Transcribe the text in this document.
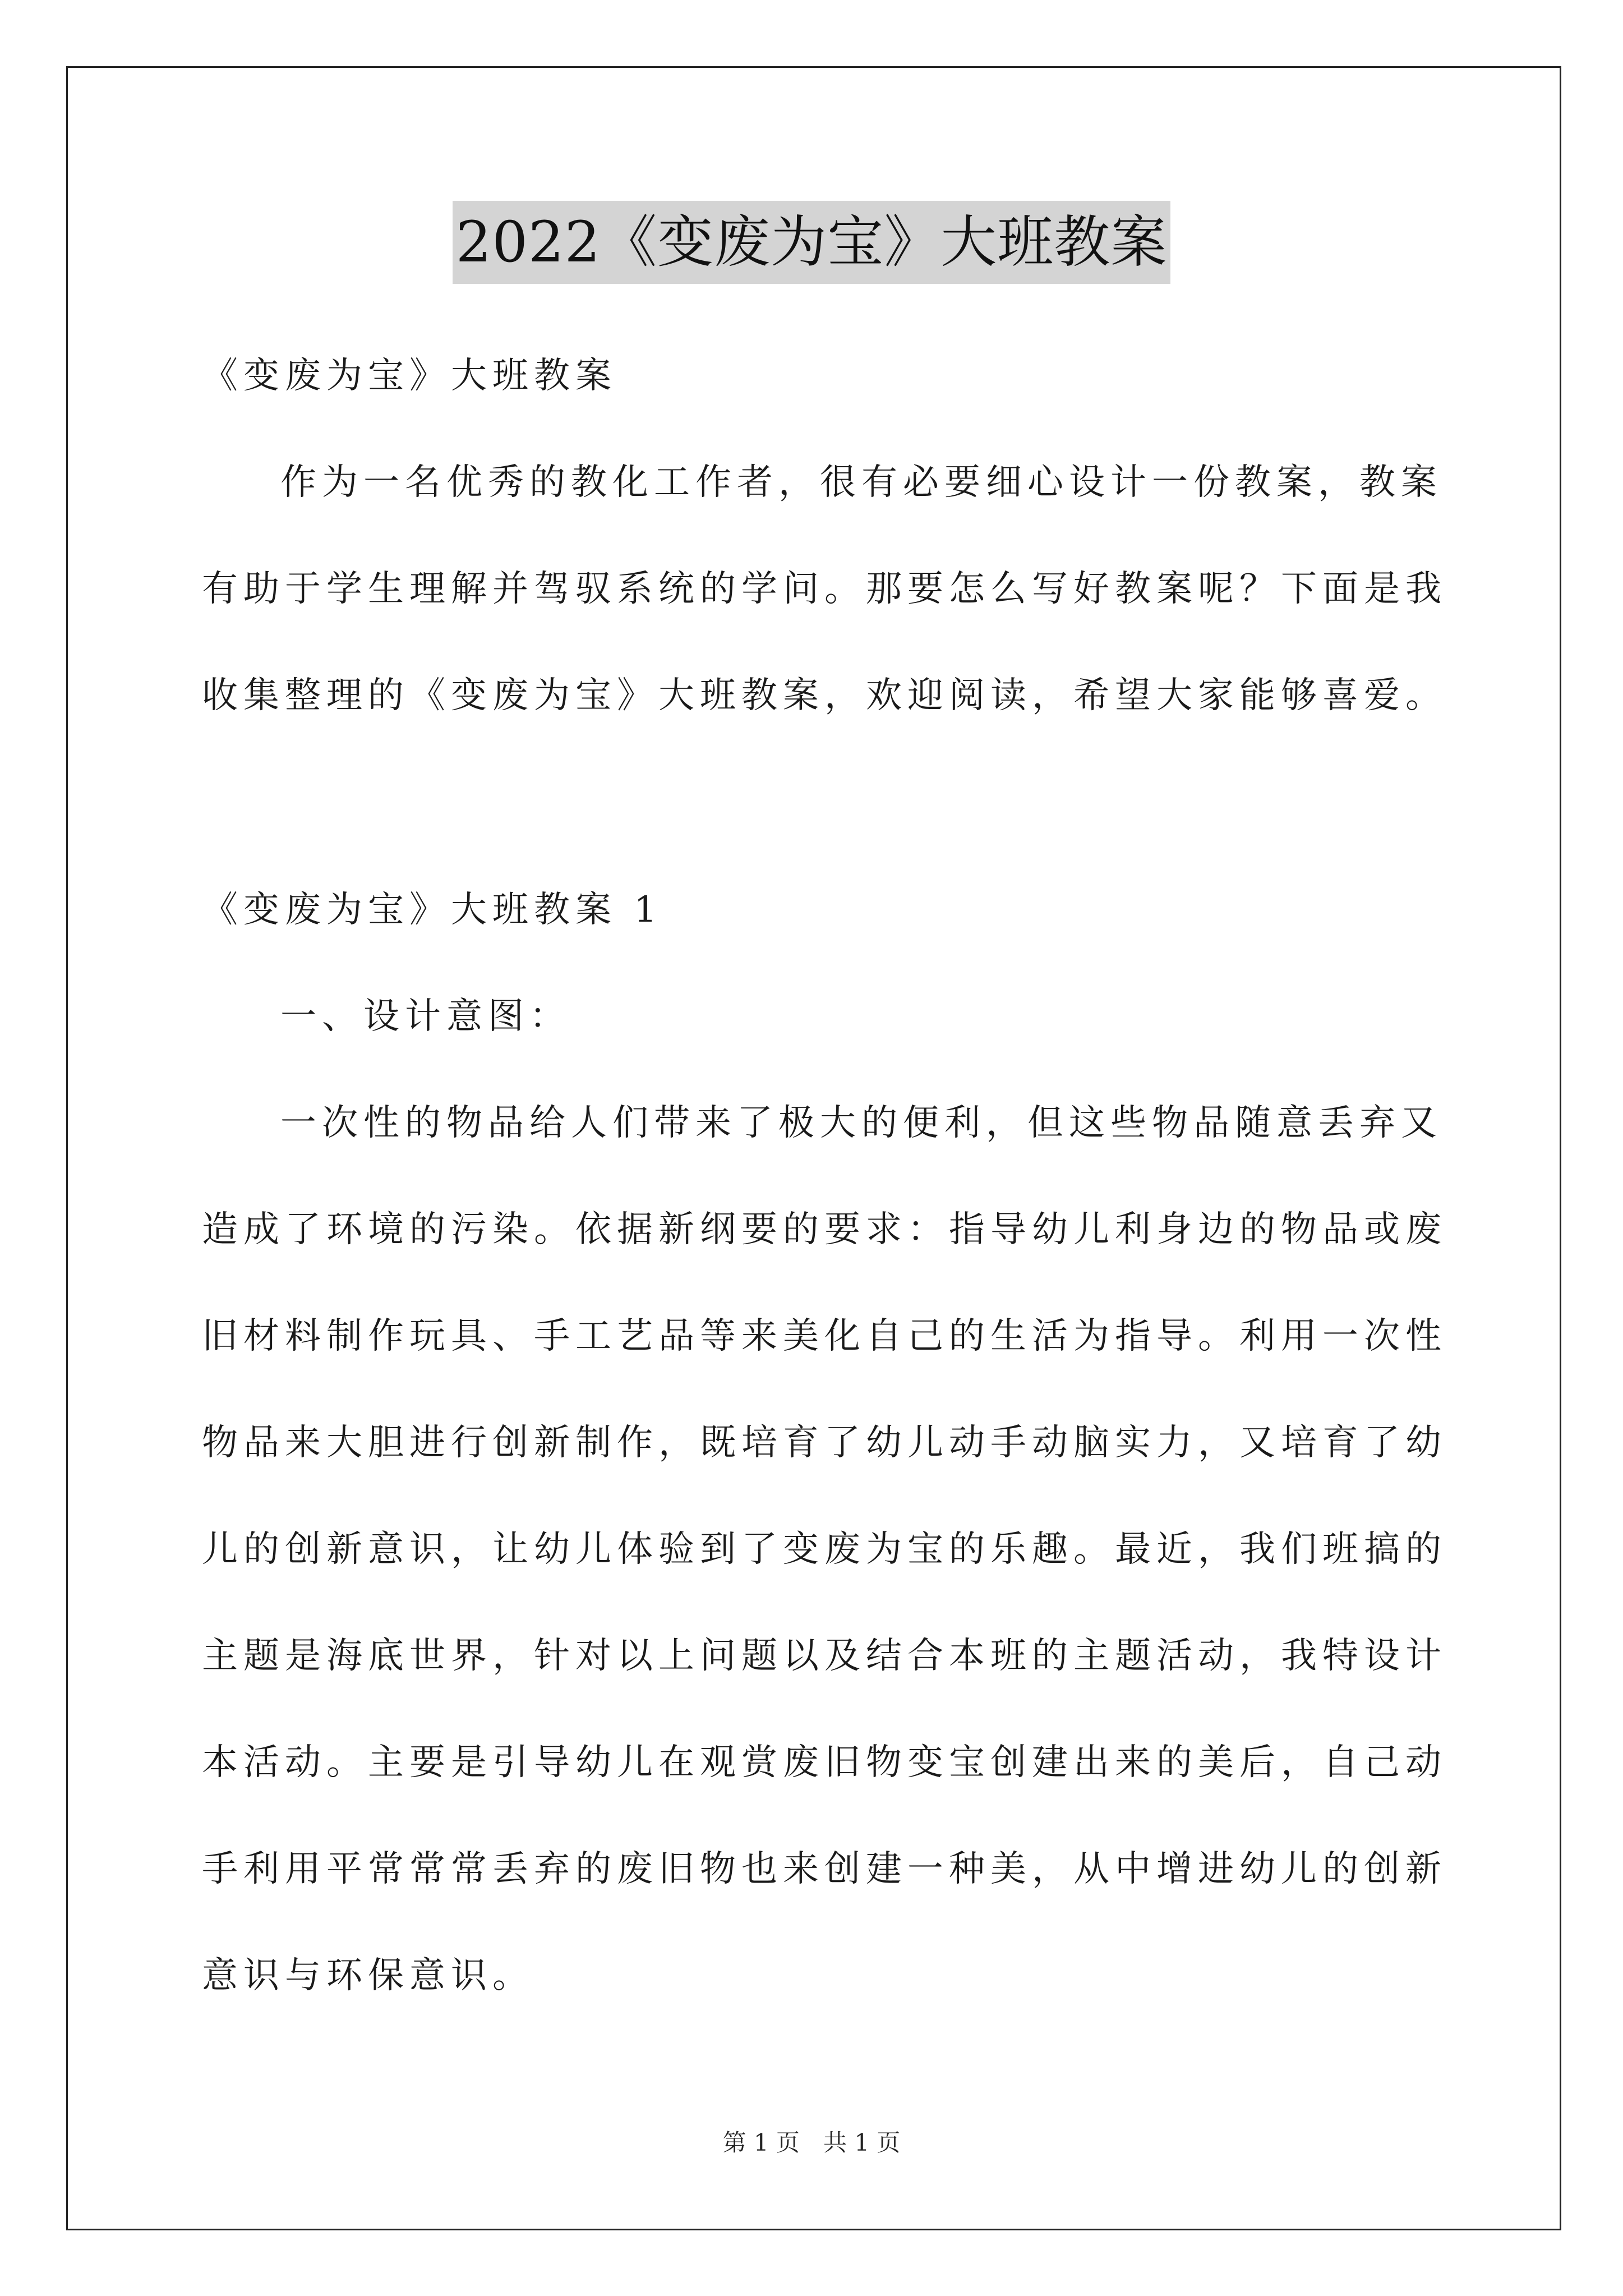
2022《变废为宝》大班教案
《变废为宝》大班教案
作为一名优秀的教化工作者，很有必要细心设计一份教案，教案
有助于学生理解并驾驭系统的学问。那要怎么写好教案呢？下面是我
收集整理的《变废为宝》大班教案，欢迎阅读，希望大家能够喜爱。
《变废为宝》大班教案 1
一、设计意图：
一次性的物品给人们带来了极大的便利，但这些物品随意丢弃又
造成了环境的污染。依据新纲要的要求：指导幼儿利身边的物品或废
旧材料制作玩具、手工艺品等来美化自己的生活为指导。利用一次性
物品来大胆进行创新制作，既培育了幼儿动手动脑实力，又培育了幼
儿的创新意识，让幼儿体验到了变废为宝的乐趣。最近，我们班搞的
主题是海底世界，针对以上问题以及结合本班的主题活动，我特设计
本活动。主要是引导幼儿在观赏废旧物变宝创建出来的美后，自己动
手利用平常常常丢弃的废旧物也来创建一种美，从中增进幼儿的创新
意识与环保意识。
第 1 页　共 1 页
